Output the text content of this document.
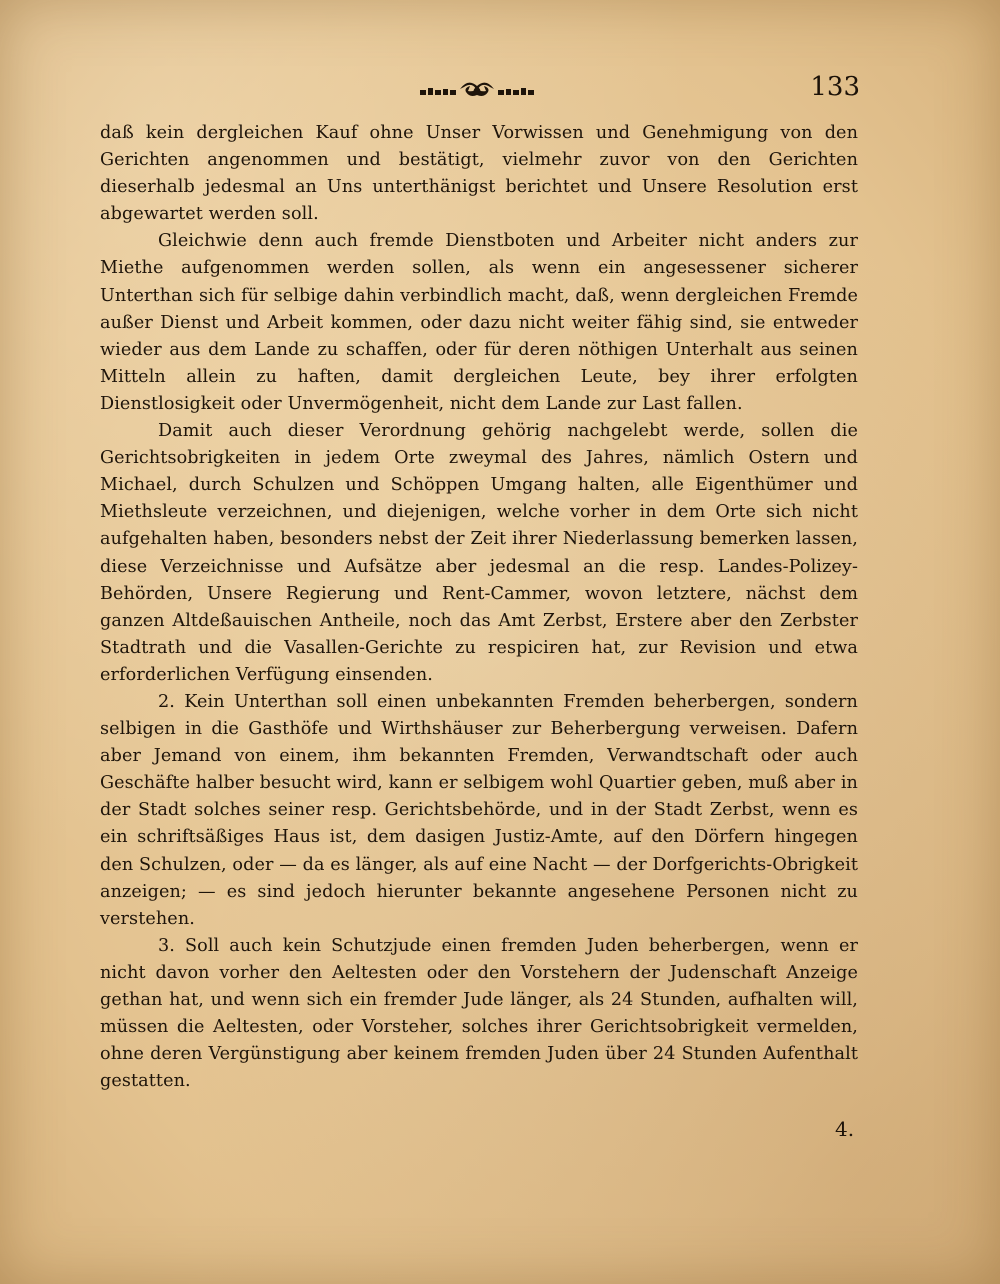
133

daß kein dergleichen Kauf ohne Unser Vorwissen und Genehmigung von den Gerichten angenommen und bestätigt, vielmehr zuvor von den Gerichten dieserhalb jedesmal an Uns unterthänigst berichtet und Unsere Resolution erst abgewartet werden soll.

Gleichwie denn auch fremde Dienstboten und Arbeiter nicht anders zur Miethe aufgenommen werden sollen, als wenn ein angesessener sicherer Unterthan sich für selbige dahin verbindlich macht, daß, wenn dergleichen Fremde außer Dienst und Arbeit kommen, oder dazu nicht weiter fähig sind, sie entweder wieder aus dem Lande zu schaffen, oder für deren nöthigen Unterhalt aus seinen Mitteln allein zu haften, damit dergleichen Leute, bey ihrer erfolgten Dienstlosigkeit oder Unvermögenheit, nicht dem Lande zur Last fallen.

Damit auch dieser Verordnung gehörig nachgelebt werde, sollen die Gerichtsobrigkeiten in jedem Orte zweymal des Jahres, nämlich Ostern und Michael, durch Schulzen und Schöppen Umgang halten, alle Eigenthümer und Miethsleute verzeichnen, und diejenigen, welche vorher in dem Orte sich nicht aufgehalten haben, besonders nebst der Zeit ihrer Niederlassung bemerken lassen, diese Verzeichnisse und Aufsätze aber jedesmal an die resp. Landes-Polizey-Behörden, Unsere Regierung und Rent-Cammer, wovon letztere, nächst dem ganzen Altdeßauischen Antheile, noch das Amt Zerbst, Erstere aber den Zerbster Stadtrath und die Vasallen-Gerichte zu respiciren hat, zur Revision und etwa erforderlichen Verfügung einsenden.

2. Kein Unterthan soll einen unbekannten Fremden beherbergen, sondern selbigen in die Gasthöfe und Wirthshäuser zur Beherbergung verweisen. Dafern aber Jemand von einem, ihm bekannten Fremden, Verwandtschaft oder auch Geschäfte halber besucht wird, kann er selbigem wohl Quartier geben, muß aber in der Stadt solches seiner resp. Gerichtsbehörde, und in der Stadt Zerbst, wenn es ein schriftsäßiges Haus ist, dem dasigen Justiz-Amte, auf den Dörfern hingegen den Schulzen, oder — da es länger, als auf eine Nacht — der Dorfgerichts-Obrigkeit anzeigen; — es sind jedoch hierunter bekannte angesehene Personen nicht zu verstehen.

3. Soll auch kein Schutzjude einen fremden Juden beherbergen, wenn er nicht davon vorher den Aeltesten oder den Vorstehern der Judenschaft Anzeige gethan hat, und wenn sich ein fremder Jude länger, als 24 Stunden, aufhalten will, müssen die Aeltesten, oder Vorsteher, solches ihrer Gerichtsobrigkeit vermelden, ohne deren Vergünstigung aber keinem fremden Juden über 24 Stunden Aufenthalt gestatten.

4.
